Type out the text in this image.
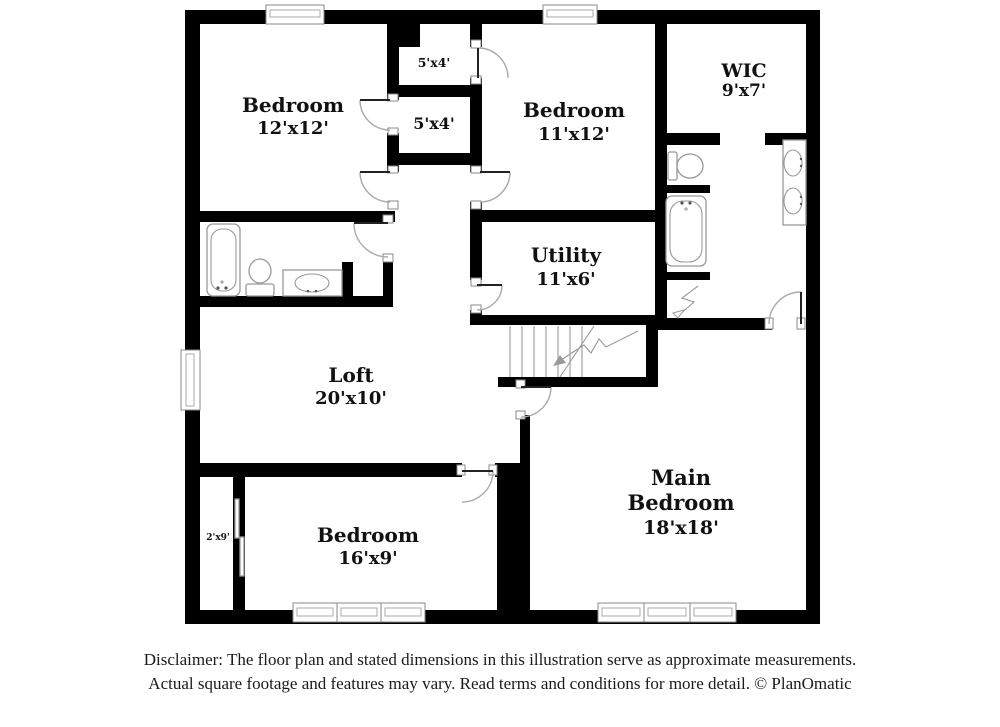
Bedroom
12'x12'
5'x4'
5'x4'
Bedroom
11'x12'
WIC
9'x7'
Utility
11'x6'
Loft
20'x10'
Bedroom
16'x9'
Main
Bedroom
18'x18'
2'x9'
Disclaimer: The floor plan and stated dimensions in this illustration serve as approximate measurements.
Actual square footage and features may vary. Read terms and conditions for more detail. © PlanOmatic
